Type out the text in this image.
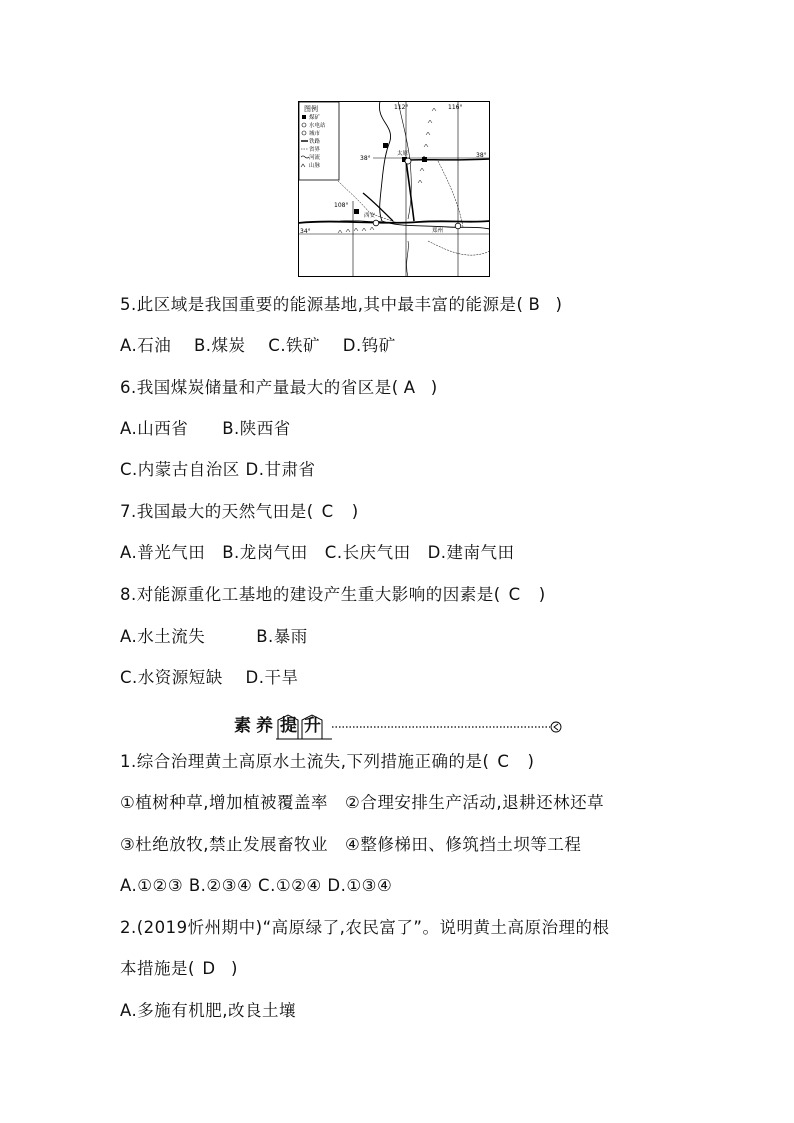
图例
煤矿
水电站
城市
铁路
省界
河流
山脉
112°	116°
108°
38°	38°
34°
太原
西安
郑州
5.此区域是我国重要的能源基地,其中最丰富的能源是( B )
A.石油　 B.煤炭　 C.铁矿　 D.钨矿
6.我国煤炭储量和产量最大的省区是( A )
A.山西省　　B.陕西省
C.内蒙古自治区 D.甘肃省
7.我国最大的天然气田是( C )
A.普光气田　B.龙岗气田　C.长庆气田　D.建南气田
8.对能源重化工基地的建设产生重大影响的因素是( C )
A.水土流失　　　B.暴雨
C.水资源短缺　 D.干旱
素 养 提 升
1.综合治理黄土高原水土流失,下列措施正确的是( C )
①植树种草,增加植被覆盖率　②合理安排生产活动,退耕还林还草
③杜绝放牧,禁止发展畜牧业　④整修梯田、修筑挡土坝等工程
A.①②③ B.②③④ C.①②④ D.①③④
2.(2019忻州期中)“高原绿了,农民富了”。说明黄土高原治理的根
本措施是( D )
A.多施有机肥,改良土壤
